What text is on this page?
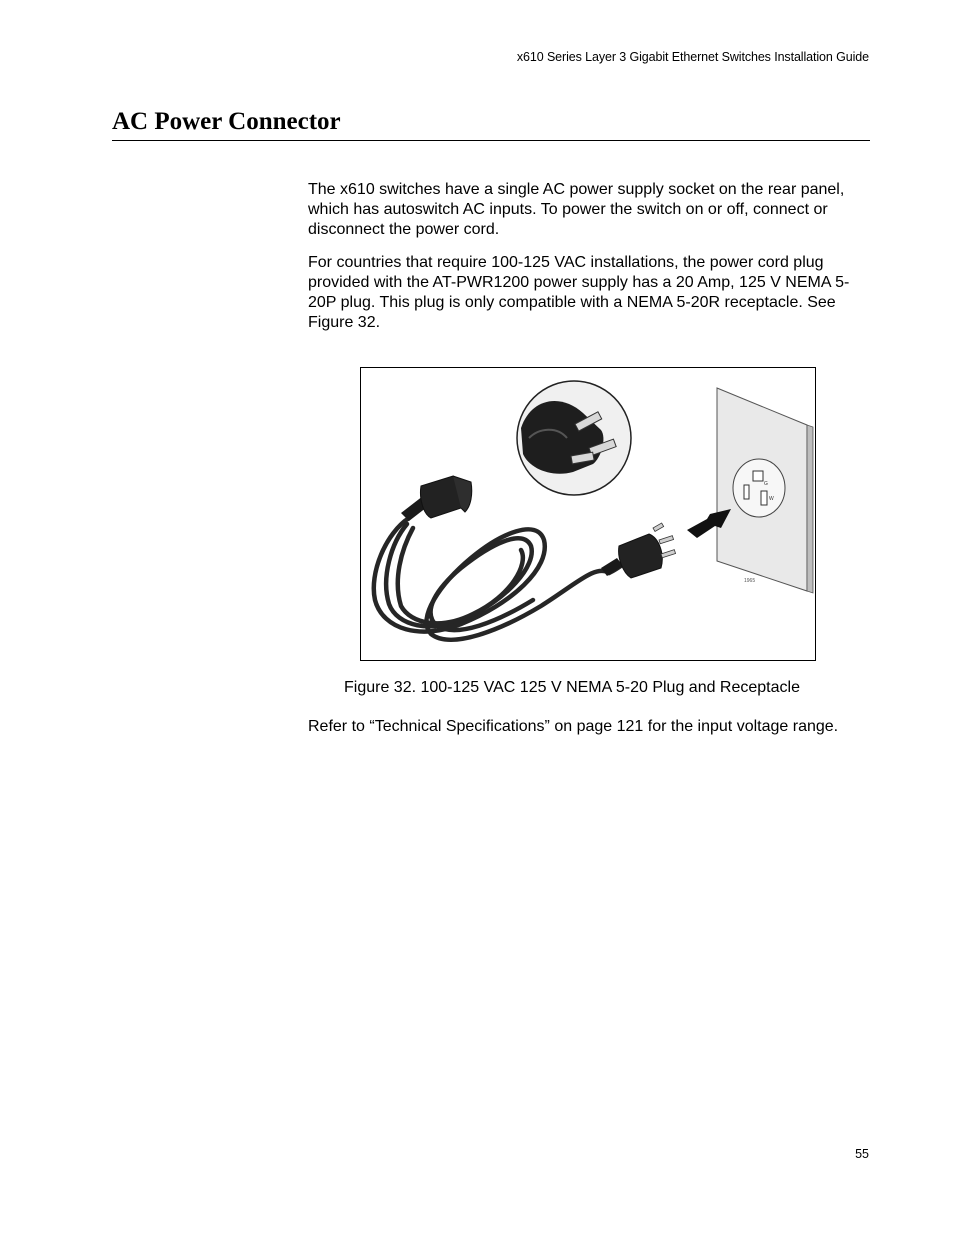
x610 Series Layer 3 Gigabit Ethernet Switches Installation Guide
AC Power Connector

The x610 switches have a single AC power supply socket on the rear panel, which has autoswitch AC inputs. To power the switch on or off, connect or disconnect the power cord.

For countries that require 100-125 VAC installations, the power cord plug provided with the AT-PWR1200 power supply has a 20 Amp, 125 V NEMA 5-20P plug. This plug is only compatible with a NEMA 5-20R receptacle. See Figure 32.

G
W
1965
Figure 32. 100-125 VAC 125 V NEMA 5-20 Plug and Receptacle

Refer to “Technical Specifications” on page 121 for the input voltage range.

55
